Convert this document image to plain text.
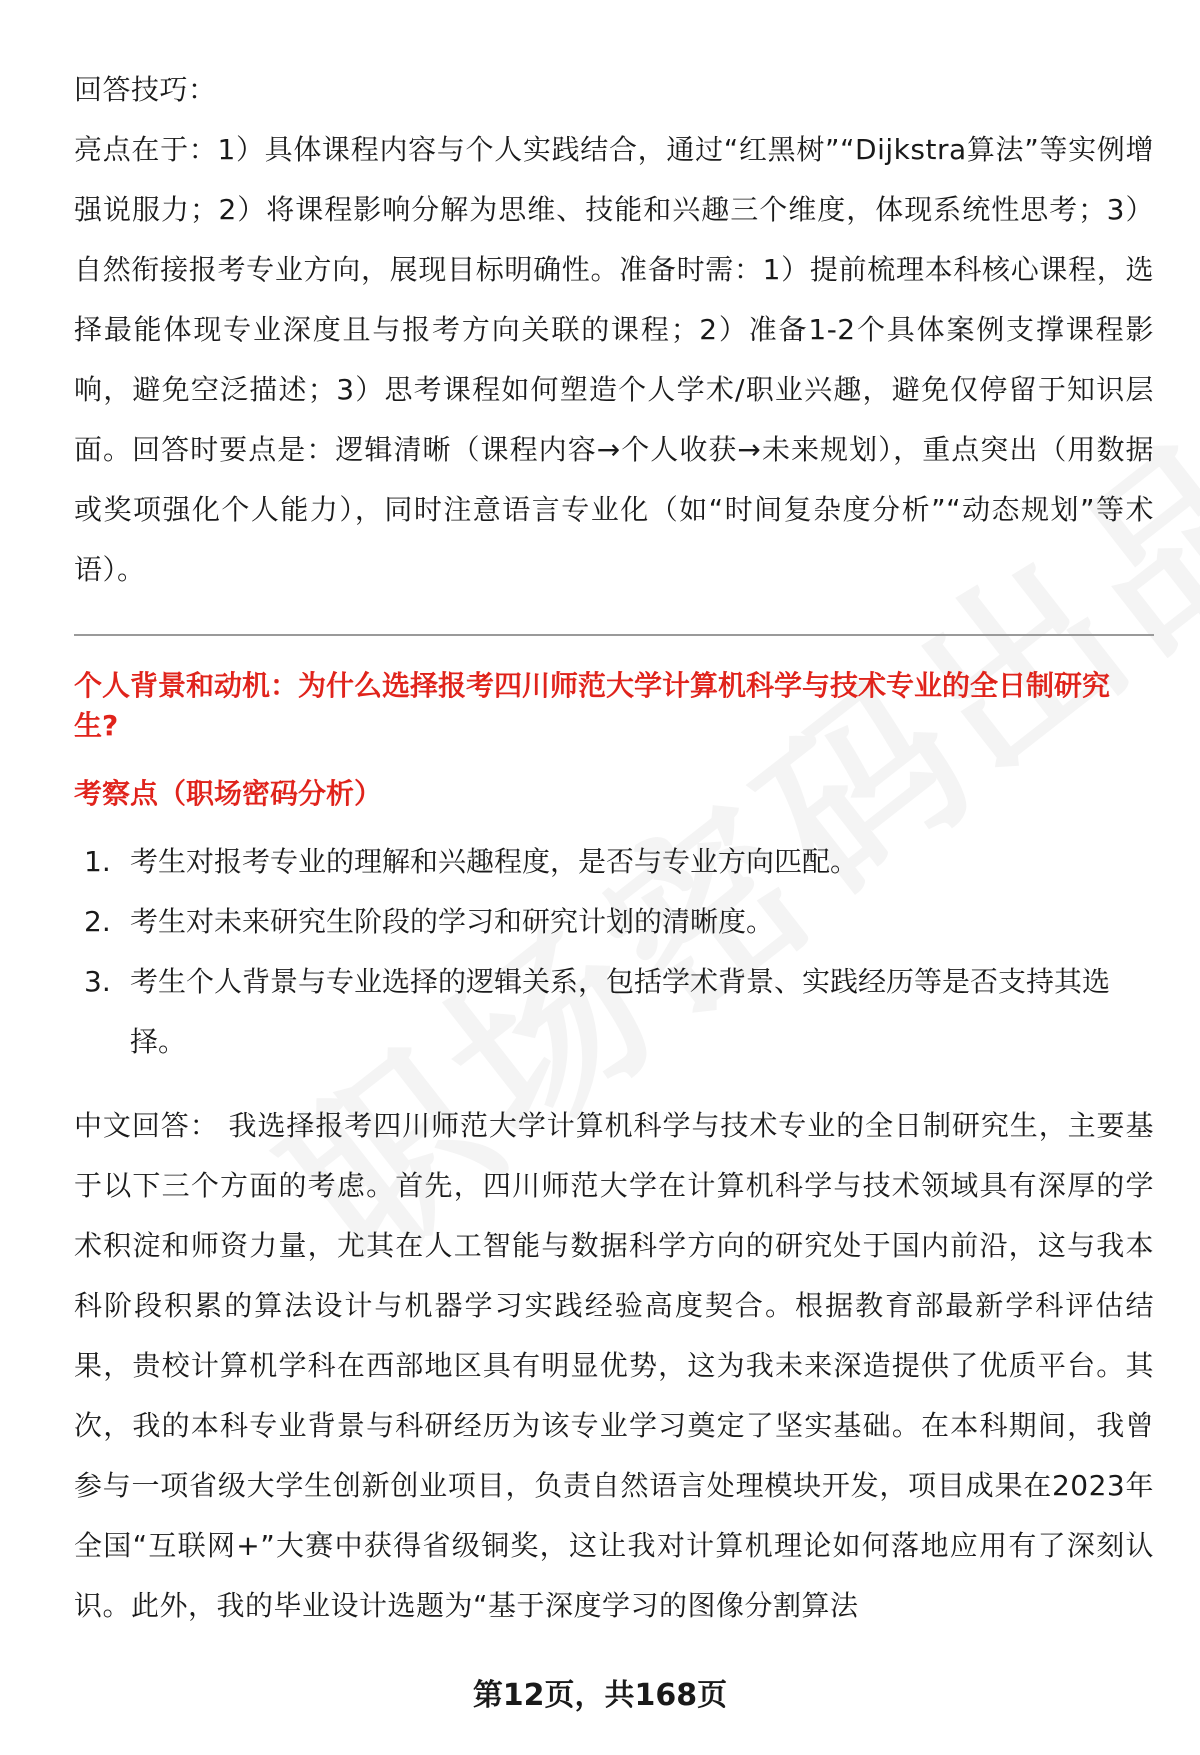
回答技巧：

亮点在于：1）具体课程内容与个人实践结合，通过“红黑树”“Dijkstra算法”等实例增强说服力；2）将课程影响分解为思维、技能和兴趣三个维度，体现系统性思考；3）自然衔接报考专业方向，展现目标明确性。准备时需：1）提前梳理本科核心课程，选择最能体现专业深度且与报考方向关联的课程；2）准备1-2个具体案例支撑课程影响，避免空泛描述；3）思考课程如何塑造个人学术/职业兴趣，避免仅停留于知识层面。回答时要点是：逻辑清晰（课程内容→个人收获→未来规划），重点突出（用数据或奖项强化个人能力），同时注意语言专业化（如“时间复杂度分析”“动态规划”等术语）。

个人背景和动机：为什么选择报考四川师范大学计算机科学与技术专业的全日制研究生?
考察点（职场密码分析）
1. 考生对报考专业的理解和兴趣程度，是否与专业方向匹配。
2. 考生对未来研究生阶段的学习和研究计划的清晰度。
3. 考生个人背景与专业选择的逻辑关系，包括学术背景、实践经历等是否支持其选择。

中文回答： 我选择报考四川师范大学计算机科学与技术专业的全日制研究生，主要基于以下三个方面的考虑。首先，四川师范大学在计算机科学与技术领域具有深厚的学术积淀和师资力量，尤其在人工智能与数据科学方向的研究处于国内前沿，这与我本科阶段积累的算法设计与机器学习实践经验高度契合。根据教育部最新学科评估结果，贵校计算机学科在西部地区具有明显优势，这为我未来深造提供了优质平台。其次，我的本科专业背景与科研经历为该专业学习奠定了坚实基础。在本科期间，我曾参与一项省级大学生创新创业项目，负责自然语言处理模块开发，项目成果在2023年全国“互联网+”大赛中获得省级铜奖，这让我对计算机理论如何落地应用有了深刻认识。此外，我的毕业设计选题为“基于深度学习的图像分割算法

第12页，共168页
